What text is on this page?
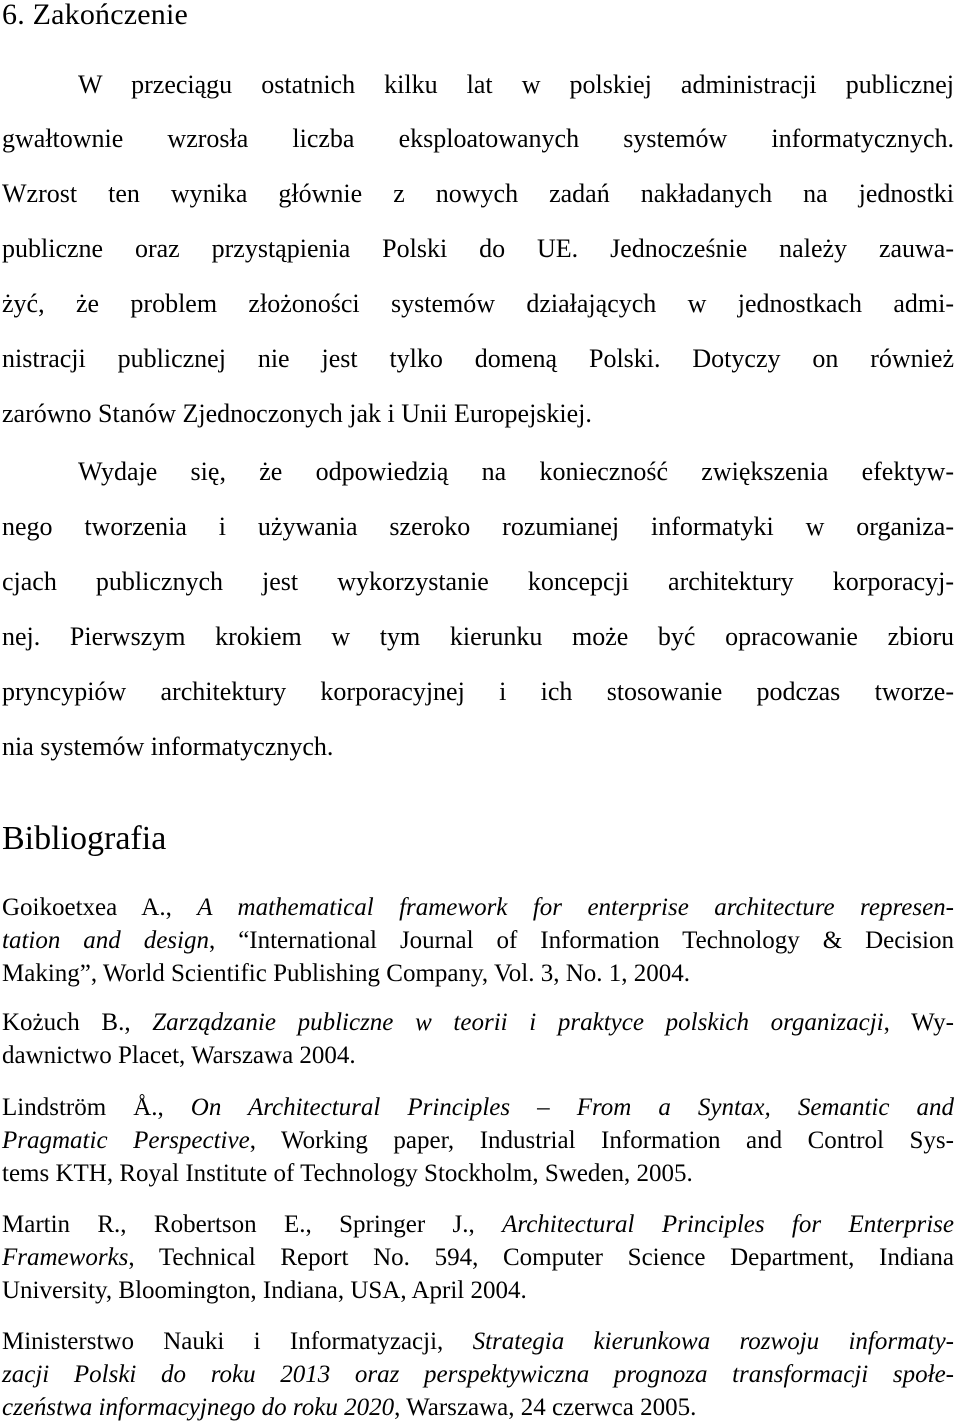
6. Zakończenie
W przeciągu ostatnich kilku lat w polskiej administracji publicznej
gwałtownie wzrosła liczba eksploatowanych systemów informatycznych.
Wzrost ten wynika głównie z nowych zadań nakładanych na jednostki
publiczne oraz przystąpienia Polski do UE. Jednocześnie należy zauwa-
żyć, że problem złożoności systemów działających w jednostkach admi-
nistracji publicznej nie jest tylko domeną Polski. Dotyczy on również
zarówno Stanów Zjednoczonych jak i Unii Europejskiej.
Wydaje się, że odpowiedzią na konieczność zwiększenia efektyw-
nego tworzenia i używania szeroko rozumianej informatyki w organiza-
cjach publicznych jest wykorzystanie koncepcji architektury korporacyj-
nej. Pierwszym krokiem w tym kierunku może być opracowanie zbioru
pryncypiów architektury korporacyjnej i ich stosowanie podczas tworze-
nia systemów informatycznych.
Bibliografia
Goikoetxea A., A mathematical framework for enterprise architecture represen-
tation and design, “International Journal of Information Technology & Decision
Making”, World Scientific Publishing Company, Vol. 3, No. 1, 2004.
Kożuch B., Zarządzanie publiczne w teorii i praktyce polskich organizacji, Wy-
dawnictwo Placet, Warszawa 2004.
Lindström Å., On Architectural Principles – From a Syntax, Semantic and
Pragmatic Perspective, Working paper, Industrial Information and Control Sys-
tems KTH, Royal Institute of Technology Stockholm, Sweden, 2005.
Martin R., Robertson E., Springer J., Architectural Principles for Enterprise
Frameworks, Technical Report No. 594, Computer Science Department, Indiana
University, Bloomington, Indiana, USA, April 2004.
Ministerstwo Nauki i Informatyzacji, Strategia kierunkowa rozwoju informaty-
zacji Polski do roku 2013 oraz perspektywiczna prognoza transformacji społe-
czeństwa informacyjnego do roku 2020, Warszawa, 24 czerwca 2005.
